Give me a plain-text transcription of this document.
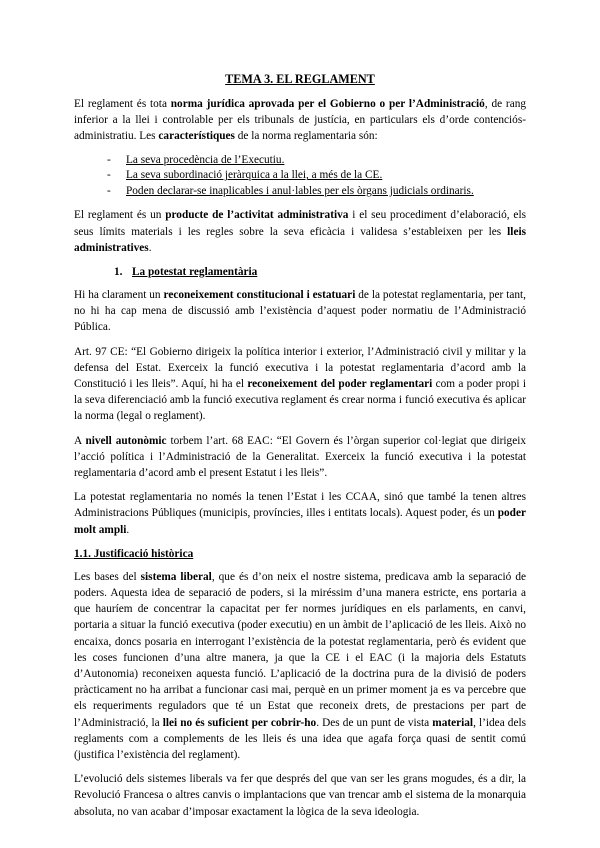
TEMA 3. EL REGLAMENT

El reglament és tota norma jurídica aprovada per el Gobierno o per l’Administració, de rang inferior a la llei i controlable per els tribunals de justícia, en particulars els d’orde contenciós-administratiu. Les característiques de la norma reglamentaria són:

- La seva procedència de l’Executiu.
- La seva subordinació jeràrquica a la llei, a més de la CE.
- Poden declarar-se inaplicables i anul·lables per els òrgans judicials ordinaris.

El reglament és un producte de l’activitat administrativa i el seu procediment d’elaboració, els seus límits materials i les regles sobre la seva eficàcia i validesa s’estableixen per les lleis administratives.

1. La potestat reglamentària

Hi ha clarament un reconeixement constitucional i estatuari de la potestat reglamentaria, per tant, no hi ha cap mena de discussió amb l’existència d’aquest poder normatiu de l’Administració Pública.

Art. 97 CE: “El Gobierno dirigeix la política interior i exterior, l’Administració civil y militar y la defensa del Estat. Exerceix la funció executiva i la potestat reglamentaria d’acord amb la Constitució i les lleis”. Aquí, hi ha el reconeixement del poder reglamentari com a poder propi i la seva diferenciació amb la funció executiva reglament és crear norma i funció executiva és aplicar la norma (legal o reglament).

A nivell autonòmic torbem l’art. 68 EAC: “El Govern és l’òrgan superior col·legiat que dirigeix l’acció política i l’Administració de la Generalitat. Exerceix la funció executiva i la potestat reglamentaria d’acord amb el present Estatut i les lleis”.

La potestat reglamentaria no només la tenen l’Estat i les CCAA, sinó que també la tenen altres Administracions Públiques (municipis, províncies, illes i entitats locals). Aquest poder, és un poder molt ampli.

1.1. Justificació històrica

Les bases del sistema liberal, que és d’on neix el nostre sistema, predicava amb la separació de poders. Aquesta idea de separació de poders, si la miréssim d’una manera estricte, ens portaria a que hauríem de concentrar la capacitat per fer normes jurídiques en els parlaments, en canvi, portaria a situar la funció executiva (poder executiu) en un àmbit de l’aplicació de les lleis. Això no encaixa, doncs posaria en interrogant l’existència de la potestat reglamentaria, però és evident que les coses funcionen d’una altre manera, ja que la CE i el EAC (i la majoria dels Estatuts d’Autonomia) reconeixen aquesta funció. L’aplicació de la doctrina pura de la divisió de poders pràcticament no ha arribat a funcionar casi mai, perquè en un primer moment ja es va percebre que els requeriments reguladors que té un Estat que reconeix drets, de prestacions per part de l’Administració, la llei no és suficient per cobrir-ho. Des de un punt de vista material, l’idea dels reglaments com a complements de les lleis és una idea que agafa força quasi de sentit comú (justifica l’existència del reglament).

L’evolució dels sistemes liberals va fer que després del que van ser les grans mogudes, és a dir, la Revolució Francesa o altres canvis o implantacions que van trencar amb el sistema de la monarquia absoluta, no van acabar d’imposar exactament la lògica de la seva ideologia.
